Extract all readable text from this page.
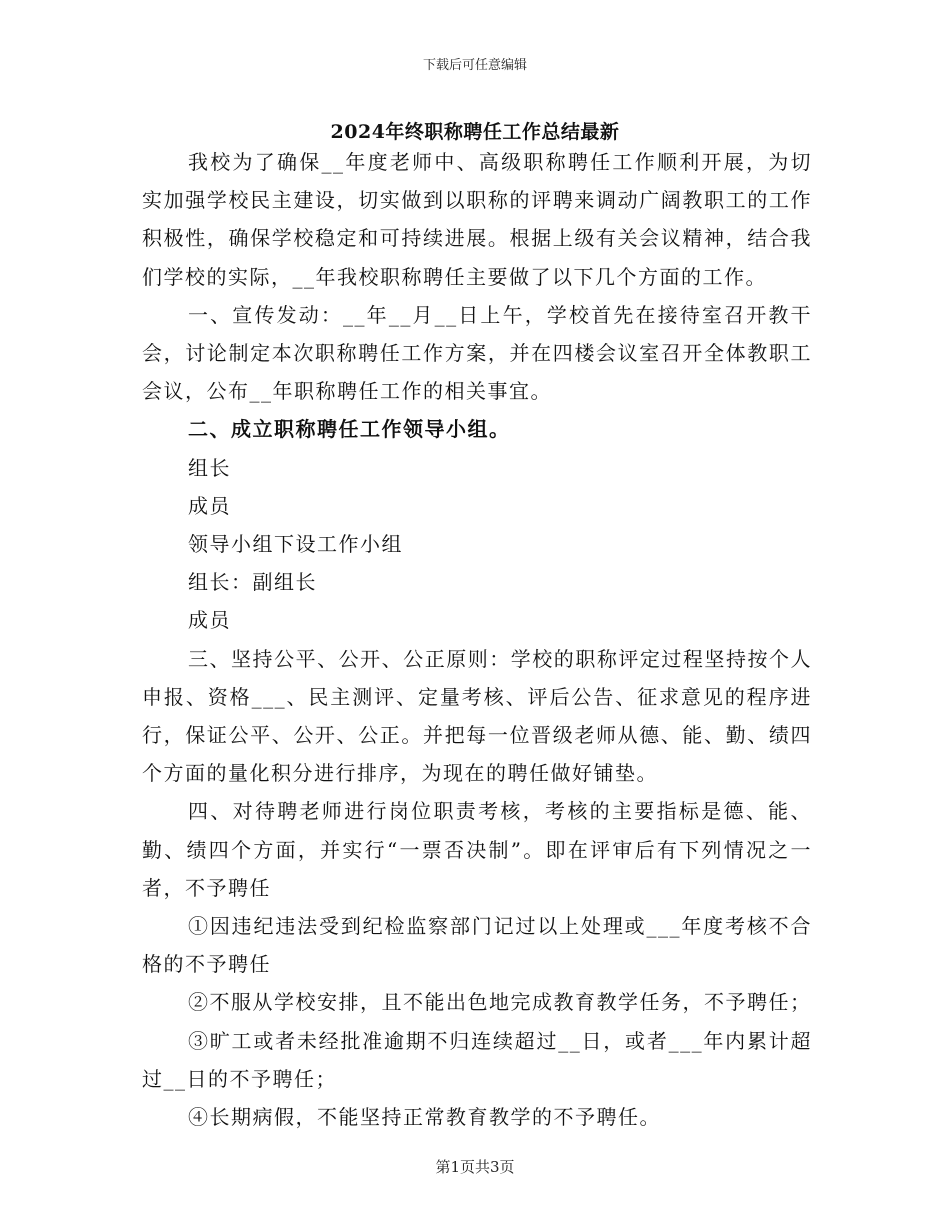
下载后可任意编辑
2024年终职称聘任工作总结最新

我校为了确保__年度老师中、高级职称聘任工作顺利开展，为切实加强学校民主建设，切实做到以职称的评聘来调动广阔教职工的工作积极性，确保学校稳定和可持续进展。根据上级有关会议精神，结合我们学校的实际，__年我校职称聘任主要做了以下几个方面的工作。

一、宣传发动：__年__月__日上午，学校首先在接待室召开教干会，讨论制定本次职称聘任工作方案，并在四楼会议室召开全体教职工会议，公布__年职称聘任工作的相关事宜。

二、成立职称聘任工作领导小组。

组长

成员

领导小组下设工作小组

组长：副组长

成员

三、坚持公平、公开、公正原则：学校的职称评定过程坚持按个人申报、资格___、民主测评、定量考核、评后公告、征求意见的程序进行，保证公平、公开、公正。并把每一位晋级老师从德、能、勤、绩四个方面的量化积分进行排序，为现在的聘任做好铺垫。

四、对待聘老师进行岗位职责考核，考核的主要指标是德、能、勤、绩四个方面，并实行“一票否决制”。即在评审后有下列情况之一者，不予聘任

①因违纪违法受到纪检监察部门记过以上处理或___年度考核不合格的不予聘任

②不服从学校安排，且不能出色地完成教育教学任务，不予聘任；

③旷工或者未经批准逾期不归连续超过__日，或者___年内累计超过__日的不予聘任；

④长期病假，不能坚持正常教育教学的不予聘任。

第1页共3页
